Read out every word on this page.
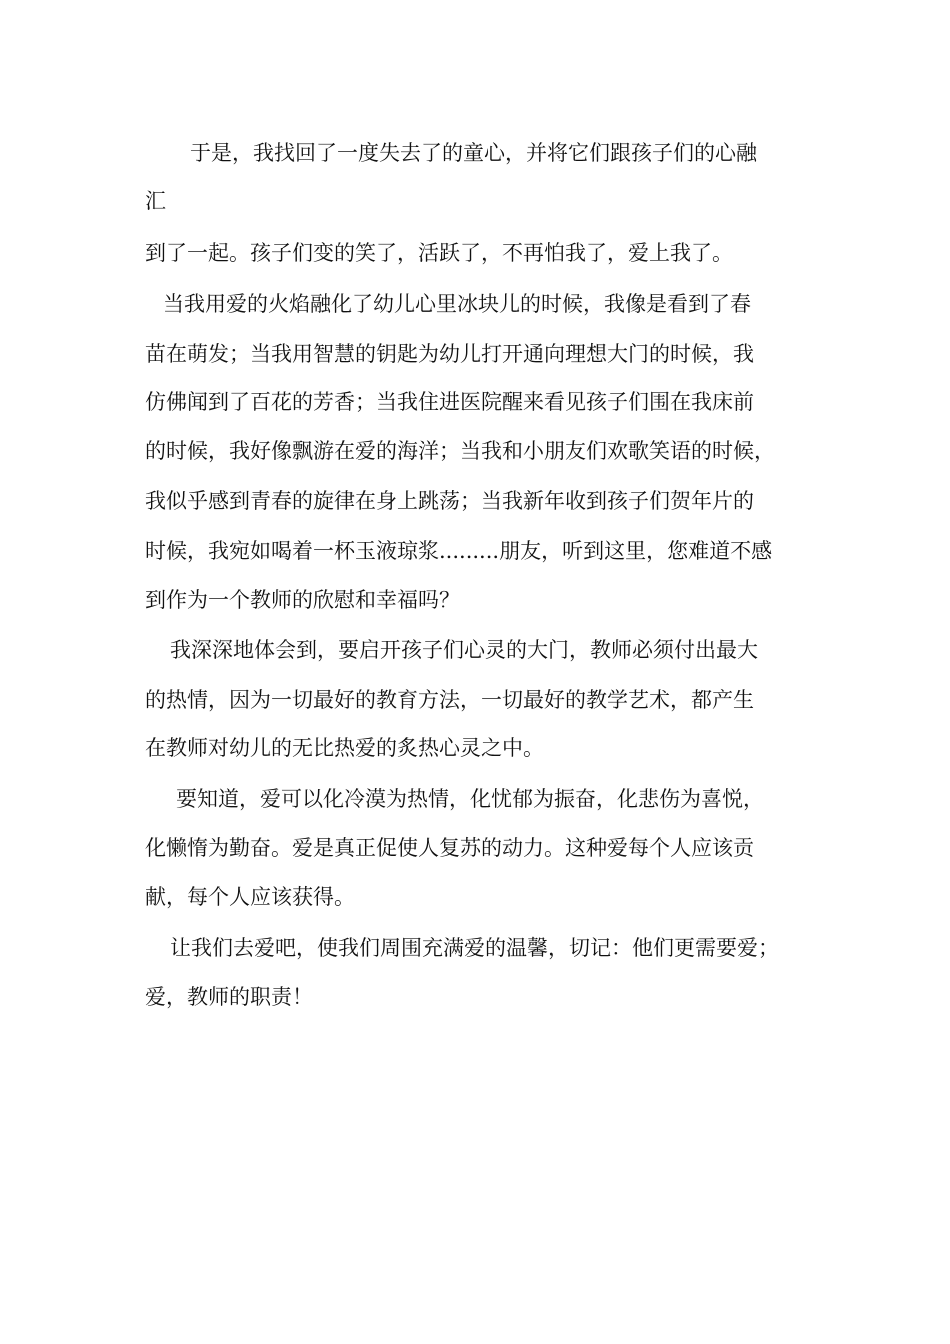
于是，我找回了一度失去了的童心，并将它们跟孩子们的心融
汇
到了一起。孩子们变的笑了，活跃了，不再怕我了，爱上我了。
当我用爱的火焰融化了幼儿心里冰块儿的时候，我像是看到了春
苗在萌发；当我用智慧的钥匙为幼儿打开通向理想大门的时候，我
仿佛闻到了百花的芳香；当我住进医院醒来看见孩子们围在我床前
的时候，我好像飘游在爱的海洋；当我和小朋友们欢歌笑语的时候，
我似乎感到青春的旋律在身上跳荡；当我新年收到孩子们贺年片的
时候，我宛如喝着一杯玉液琼浆.........朋友，听到这里，您难道不感
到作为一个教师的欣慰和幸福吗？
我深深地体会到，要启开孩子们心灵的大门，教师必须付出最大
的热情，因为一切最好的教育方法，一切最好的教学艺术，都产生
在教师对幼儿的无比热爱的炙热心灵之中。
要知道，爱可以化冷漠为热情，化忧郁为振奋，化悲伤为喜悦，
化懒惰为勤奋。爱是真正促使人复苏的动力。这种爱每个人应该贡
献，每个人应该获得。
让我们去爱吧，使我们周围充满爱的温馨，切记：他们更需要爱；
爱，教师的职责！
